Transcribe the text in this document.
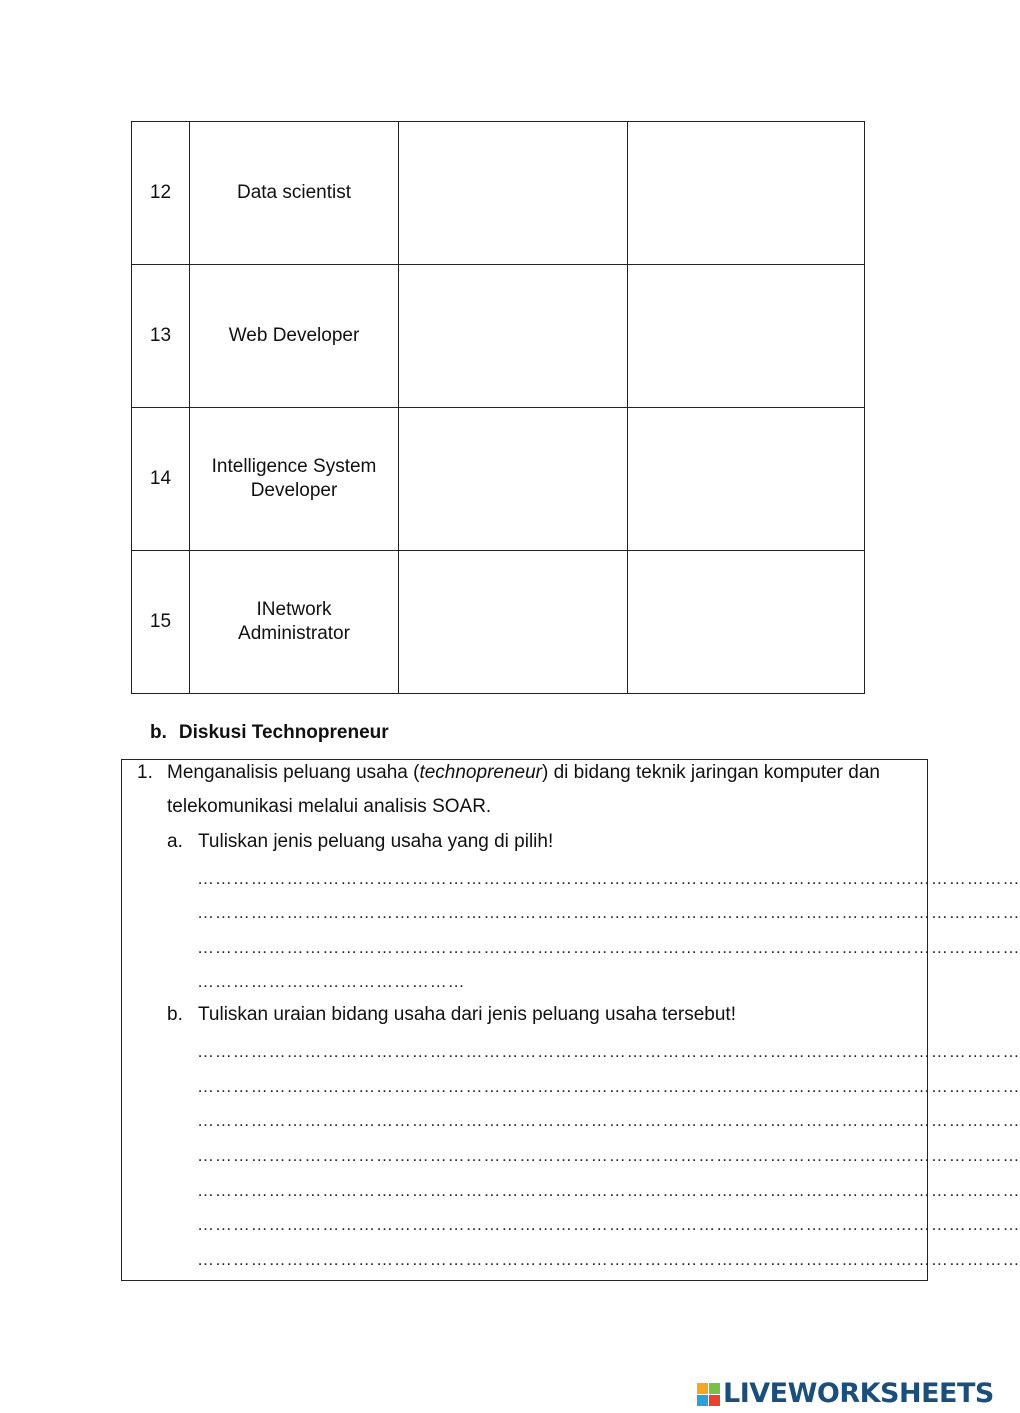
12	Data scientist		

13	Web Developer		

14	Intelligence System
Developer		

15	INetwork
Administrator		

b. Diskusi Technopreneur
1. Menganalisis peluang usaha (technopreneur) di bidang teknik jaringan komputer dan
telekomunikasi melalui analisis SOAR.
a. Tuliskan jenis peluang usaha yang di pilih!
…………………………………………………………………………………………………………………………
…………………………………………………………………………………………………………………………
…………………………………………………………………………………………………………………………
………………………………………
b. Tuliskan uraian bidang usaha dari jenis peluang usaha tersebut!
…………………………………………………………………………………………………………………………
…………………………………………………………………………………………………………………………
…………………………………………………………………………………………………………………………
…………………………………………………………………………………………………………………………
…………………………………………………………………………………………………………………………
…………………………………………………………………………………………………………………………
…………………………………………………………………………………………………………………………
LIVEWORKSHEETS
